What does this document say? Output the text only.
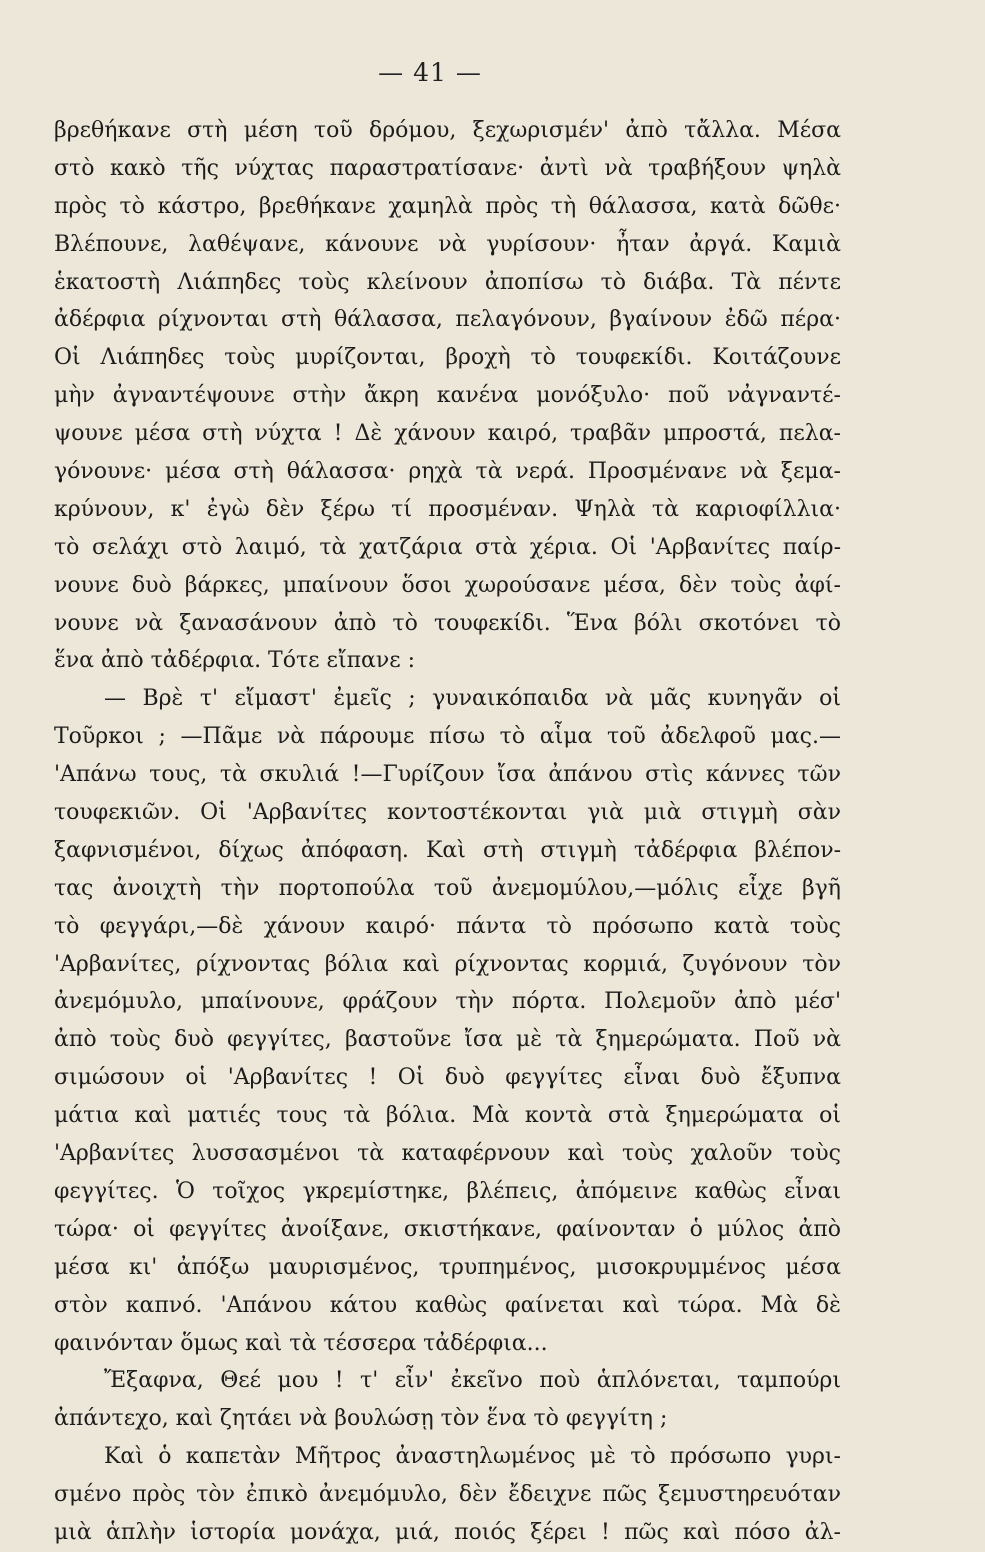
— 41 —
βρεθήκανε στὴ μέση τοῦ δρόμου, ξεχωρισμέν' ἀπὸ τἄλλα. Μέσα
στὸ κακὸ τῆς νύχτας παραστρατίσανε· ἀντὶ νὰ τραβήξουν ψηλὰ
πρὸς τὸ κάστρο, βρεθήκανε χαμηλὰ πρὸς τὴ θάλασσα, κατὰ δῶθε·
Βλέπουνε, λαθέψανε, κάνουνε νὰ γυρίσουν· ἦταν ἀργά. Καμιὰ
ἑκατοστὴ Λιάπηδες τοὺς κλείνουν ἀποπίσω τὸ διάβα. Τὰ πέντε
ἀδέρφια ρίχνονται στὴ θάλασσα, πελαγόνουν, βγαίνουν ἐδῶ πέρα·
Οἱ Λιάπηδες τοὺς μυρίζονται, βροχὴ τὸ τουφεκίδι. Κοιτάζουνε
μὴν ἀγναντέψουνε στὴν ἄκρη κανένα μονόξυλο· ποῦ νἀγναντέ-
ψουνε μέσα στὴ νύχτα ! Δὲ χάνουν καιρό, τραβᾶν μπροστά, πελα-
γόνουνε· μέσα στὴ θάλασσα· ρηχὰ τὰ νερά. Προσμένανε νὰ ξεμα-
κρύνουν, κ' ἐγὼ δὲν ξέρω τί προσμέναν. Ψηλὰ τὰ καριοφίλλια·
τὸ σελάχι στὸ λαιμό, τὰ χατζάρια στὰ χέρια. Οἱ 'Αρβανίτες παίρ-
νουνε δυὸ βάρκες, μπαίνουν ὅσοι χωρούσανε μέσα, δὲν τοὺς ἀφί-
νουνε νὰ ξανασάνουν ἀπὸ τὸ τουφεκίδι. Ἕνα βόλι σκοτόνει τὸ
ἕνα ἀπὸ τἀδέρφια. Τότε εἴπανε :
— Βρὲ τ' εἴμαστ' ἐμεῖς ; γυναικόπαιδα νὰ μᾶς κυνηγᾶν οἱ
Τοῦρκοι ; —Πᾶμε νὰ πάρουμε πίσω τὸ αἷμα τοῦ ἀδελφοῦ μας.—
'Απάνω τους, τὰ σκυλιά !—Γυρίζουν ἴσα ἀπάνου στὶς κάννες τῶν
τουφεκιῶν. Οἱ 'Αρβανίτες κοντοστέκονται γιὰ μιὰ στιγμὴ σὰν
ξαφνισμένοι, δίχως ἀπόφαση. Καὶ στὴ στιγμὴ τἀδέρφια βλέπον-
τας ἀνοιχτὴ τὴν πορτοπούλα τοῦ ἀνεμομύλου,—μόλις εἶχε βγῆ
τὸ φεγγάρι,—δὲ χάνουν καιρό· πάντα τὸ πρόσωπο κατὰ τοὺς
'Αρβανίτες, ρίχνοντας βόλια καὶ ρίχνοντας κορμιά, ζυγόνουν τὸν
ἀνεμόμυλο, μπαίνουνε, φράζουν τὴν πόρτα. Πολεμοῦν ἀπὸ μέσ'
ἀπὸ τοὺς δυὸ φεγγίτες, βαστοῦνε ἴσα μὲ τὰ ξημερώματα. Ποῦ νὰ
σιμώσουν οἱ 'Αρβανίτες ! Οἱ δυὸ φεγγίτες εἶναι δυὸ ἔξυπνα
μάτια καὶ ματιές τους τὰ βόλια. Μὰ κοντὰ στὰ ξημερώματα οἱ
'Αρβανίτες λυσσασμένοι τὰ καταφέρνουν καὶ τοὺς χαλοῦν τοὺς
φεγγίτες. Ὁ τοῖχος γκρεμίστηκε, βλέπεις, ἀπόμεινε καθὼς εἶναι
τώρα· οἱ φεγγίτες ἀνοίξανε, σκιστήκανε, φαίνονταν ὁ μύλος ἀπὸ
μέσα κι' ἀπόξω μαυρισμένος, τρυπημένος, μισοκρυμμένος μέσα
στὸν καπνό. 'Απάνου κάτου καθὼς φαίνεται καὶ τώρα. Μὰ δὲ
φαινόνταν ὅμως καὶ τὰ τέσσερα τἀδέρφια...
Ἔξαφνα, Θεέ μου ! τ' εἶν' ἐκεῖνο ποὺ ἁπλόνεται, ταμπούρι
ἀπάντεχο, καὶ ζητάει νὰ βουλώσῃ τὸν ἕνα τὸ φεγγίτη ;
Καὶ ὁ καπετὰν Μῆτρος ἀναστηλωμένος μὲ τὸ πρόσωπο γυρι-
σμένο πρὸς τὸν ἐπικὸ ἀνεμόμυλο, δὲν ἔδειχνε πῶς ξεμυστηρευόταν
μιὰ ἁπλὴν ἱστορία μονάχα, μιά, ποιός ξέρει ! πῶς καὶ πόσο ἀλ-
